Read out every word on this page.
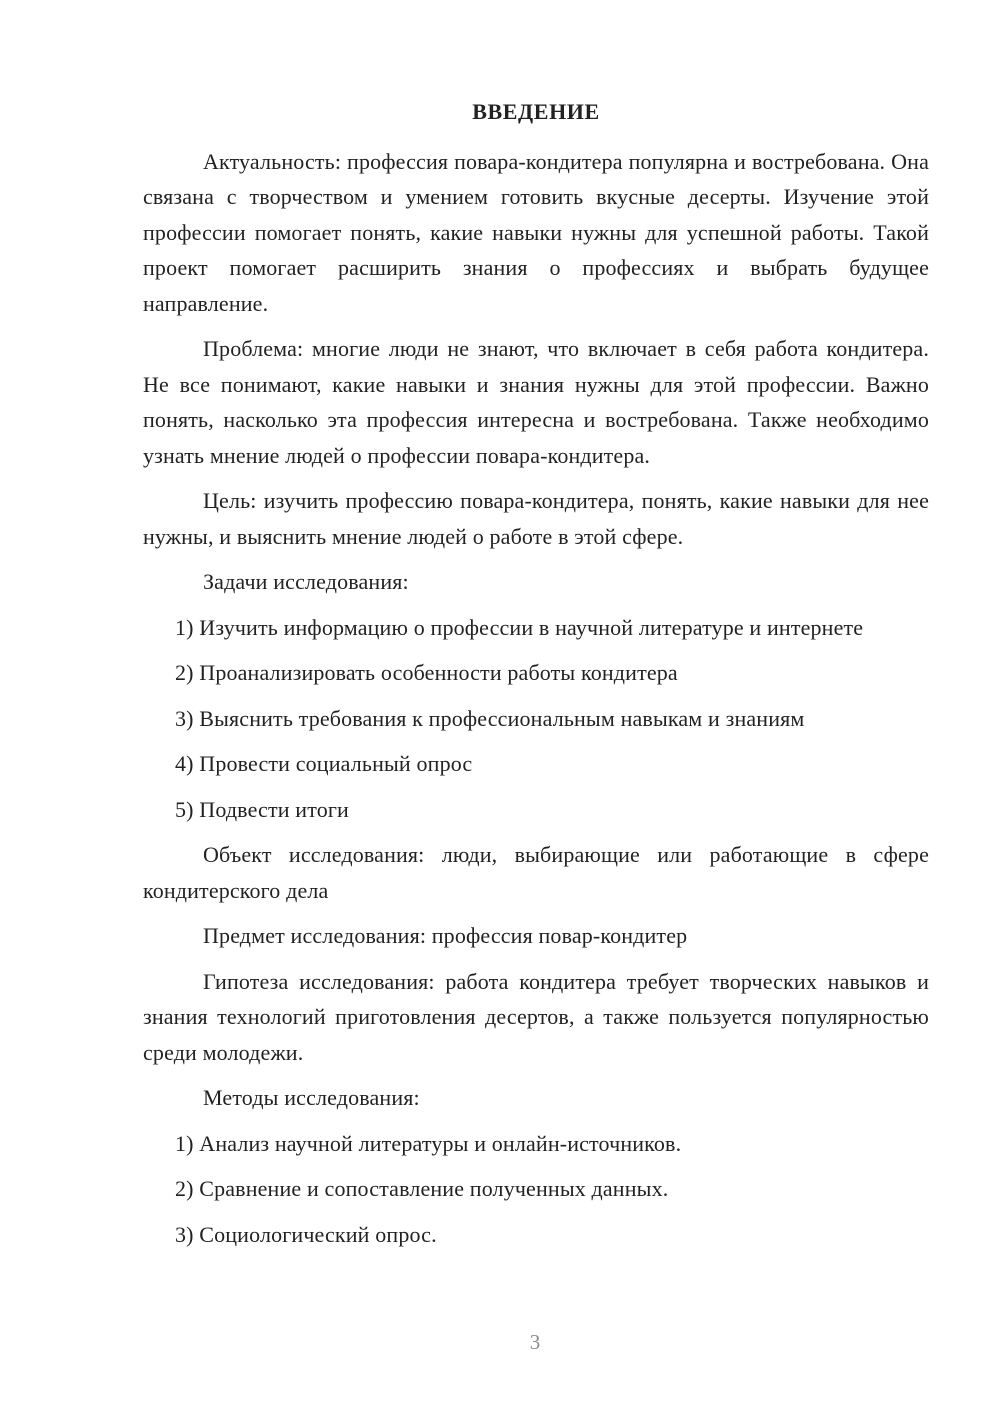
ВВЕДЕНИЕ

Актуальность: профессия повара-кондитера популярна и востребована. Она связана с творчеством и умением готовить вкусные десерты. Изучение этой профессии помогает понять, какие навыки нужны для успешной работы. Такой проект помогает расширить знания о профессиях и выбрать будущее направление.

Проблема: многие люди не знают, что включает в себя работа кондитера. Не все понимают, какие навыки и знания нужны для этой профессии. Важно понять, насколько эта профессия интересна и востребована. Также необходимо узнать мнение людей о профессии повара-кондитера.

Цель: изучить профессию повара-кондитера, понять, какие навыки для нее нужны, и выяснить мнение людей о работе в этой сфере.

Задачи исследования:

1) Изучить информацию о профессии в научной литературе и интернете

2) Проанализировать особенности работы кондитера

3) Выяснить требования к профессиональным навыкам и знаниям

4) Провести социальный опрос

5) Подвести итоги

Объект исследования: люди, выбирающие или работающие в сфере кондитерского дела

Предмет исследования: профессия повар-кондитер

Гипотеза исследования: работа кондитера требует творческих навыков и знания технологий приготовления десертов, а также пользуется популярностью среди молодежи.

Методы исследования:

1) Анализ научной литературы и онлайн-источников.

2) Сравнение и сопоставление полученных данных.

3) Социологический опрос.

3
